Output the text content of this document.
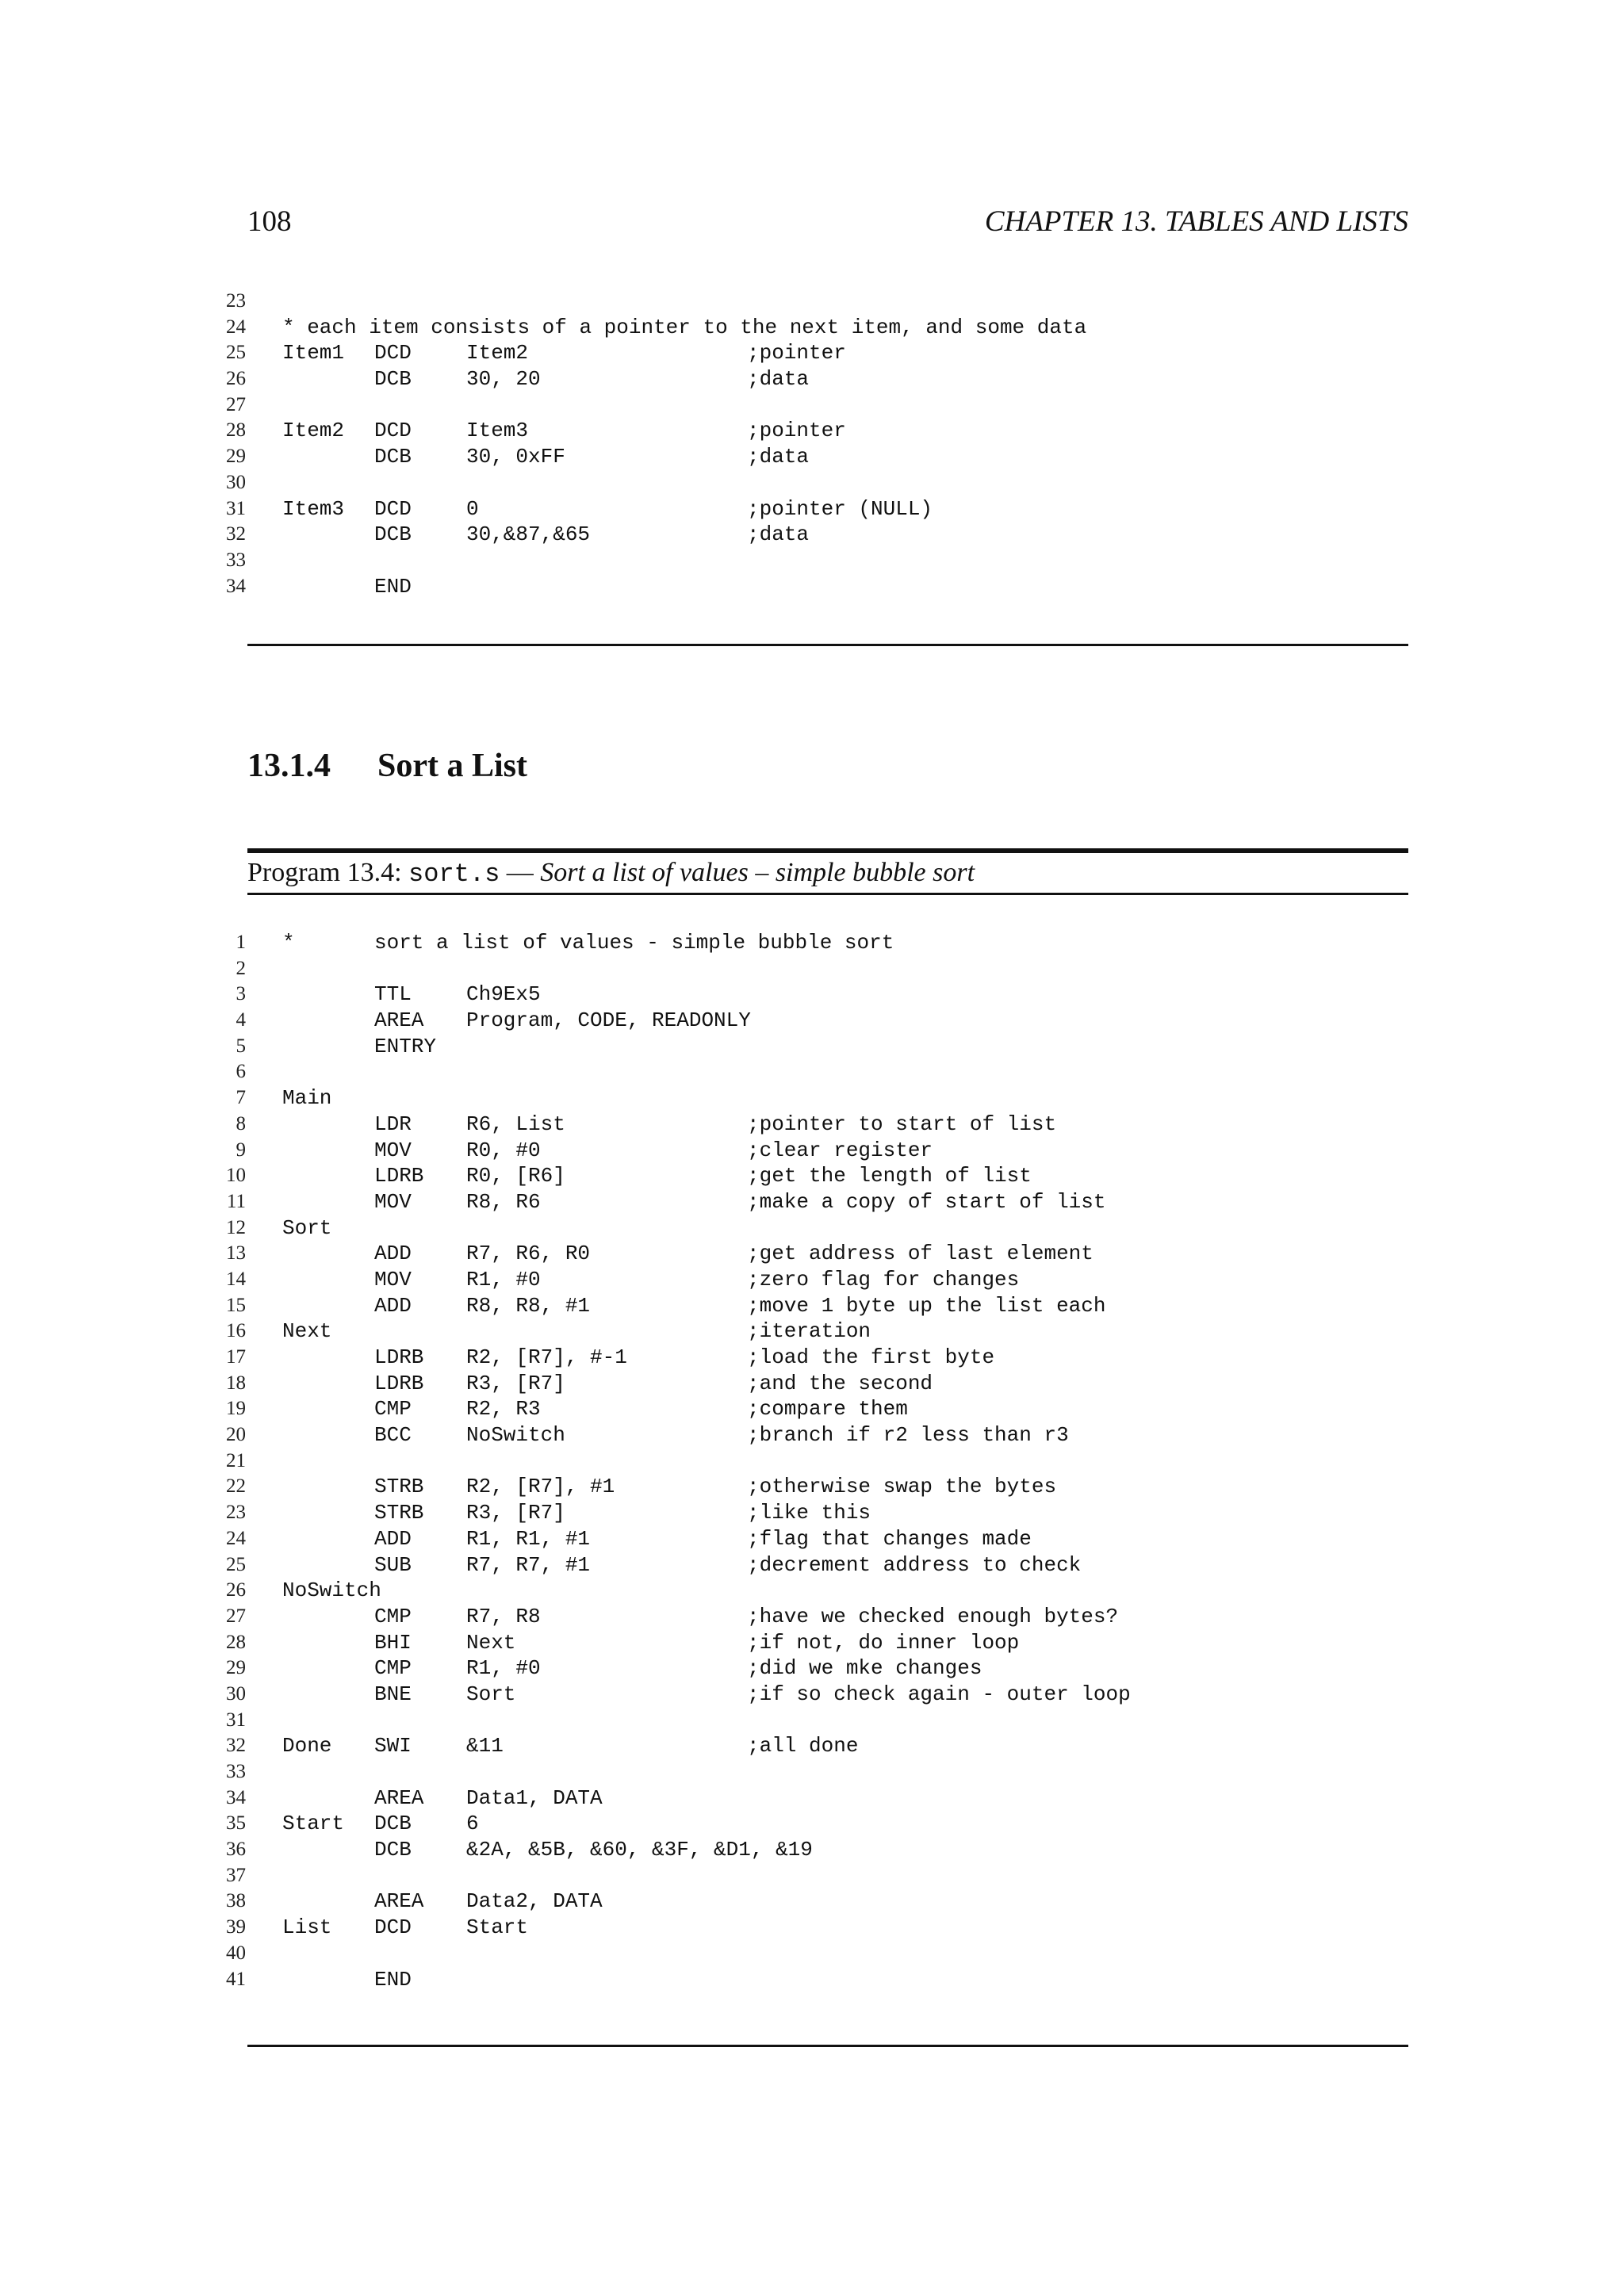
108	CHAPTER 13. TABLES AND LISTS
23
24 * each item consists of a pointer to the next item, and some data
25 Item1 DCD	Item2	;pointer
26	DCB	30, 20	;data
27
28 Item2 DCD	Item3	;pointer
29	DCB	30, 0xFF	;data
30
31 Item3 DCD	0	;pointer (NULL)
32	DCB	30,&87,&65	;data
33
34	END
13.1.4 Sort a List
Program 13.4: sort.s — Sort a list of values – simple bubble sort
1 *	sort a list of values - simple bubble sort
2
3	TTL	Ch9Ex5
4	AREA Program, CODE, READONLY
5	ENTRY
6
7 Main
8	LDR	R6, List	;pointer to start of list
9	MOV	R0, #0	;clear register
10	LDRB R0, [R6]	;get the length of list
11	MOV	R8, R6	;make a copy of start of list
12 Sort
13	ADD	R7, R6, R0	;get address of last element
14	MOV	R1, #0	;zero flag for changes
15	ADD	R8, R8, #1	;move 1 byte up the list each
16 Next	;iteration
17	LDRB R2, [R7], #-1	;load the first byte
18	LDRB R3, [R7]	;and the second
19	CMP	R2, R3	;compare them
20	BCC	NoSwitch	;branch if r2 less than r3
21
22	STRB R2, [R7], #1	;otherwise swap the bytes
23	STRB R3, [R7]	;like this
24	ADD	R1, R1, #1	;flag that changes made
25	SUB	R7, R7, #1	;decrement address to check
26 NoSwitch
27	CMP	R7, R8	;have we checked enough bytes?
28	BHI	Next	;if not, do inner loop
29	CMP	R1, #0	;did we mke changes
30	BNE	Sort	;if so check again - outer loop
31
32 Done SWI	&11	;all done
33
34	AREA Data1, DATA
35 Start DCB	6
36	DCB	&2A, &5B, &60, &3F, &D1, &19
37
38	AREA Data2, DATA
39 List DCD	Start
40
41	END
